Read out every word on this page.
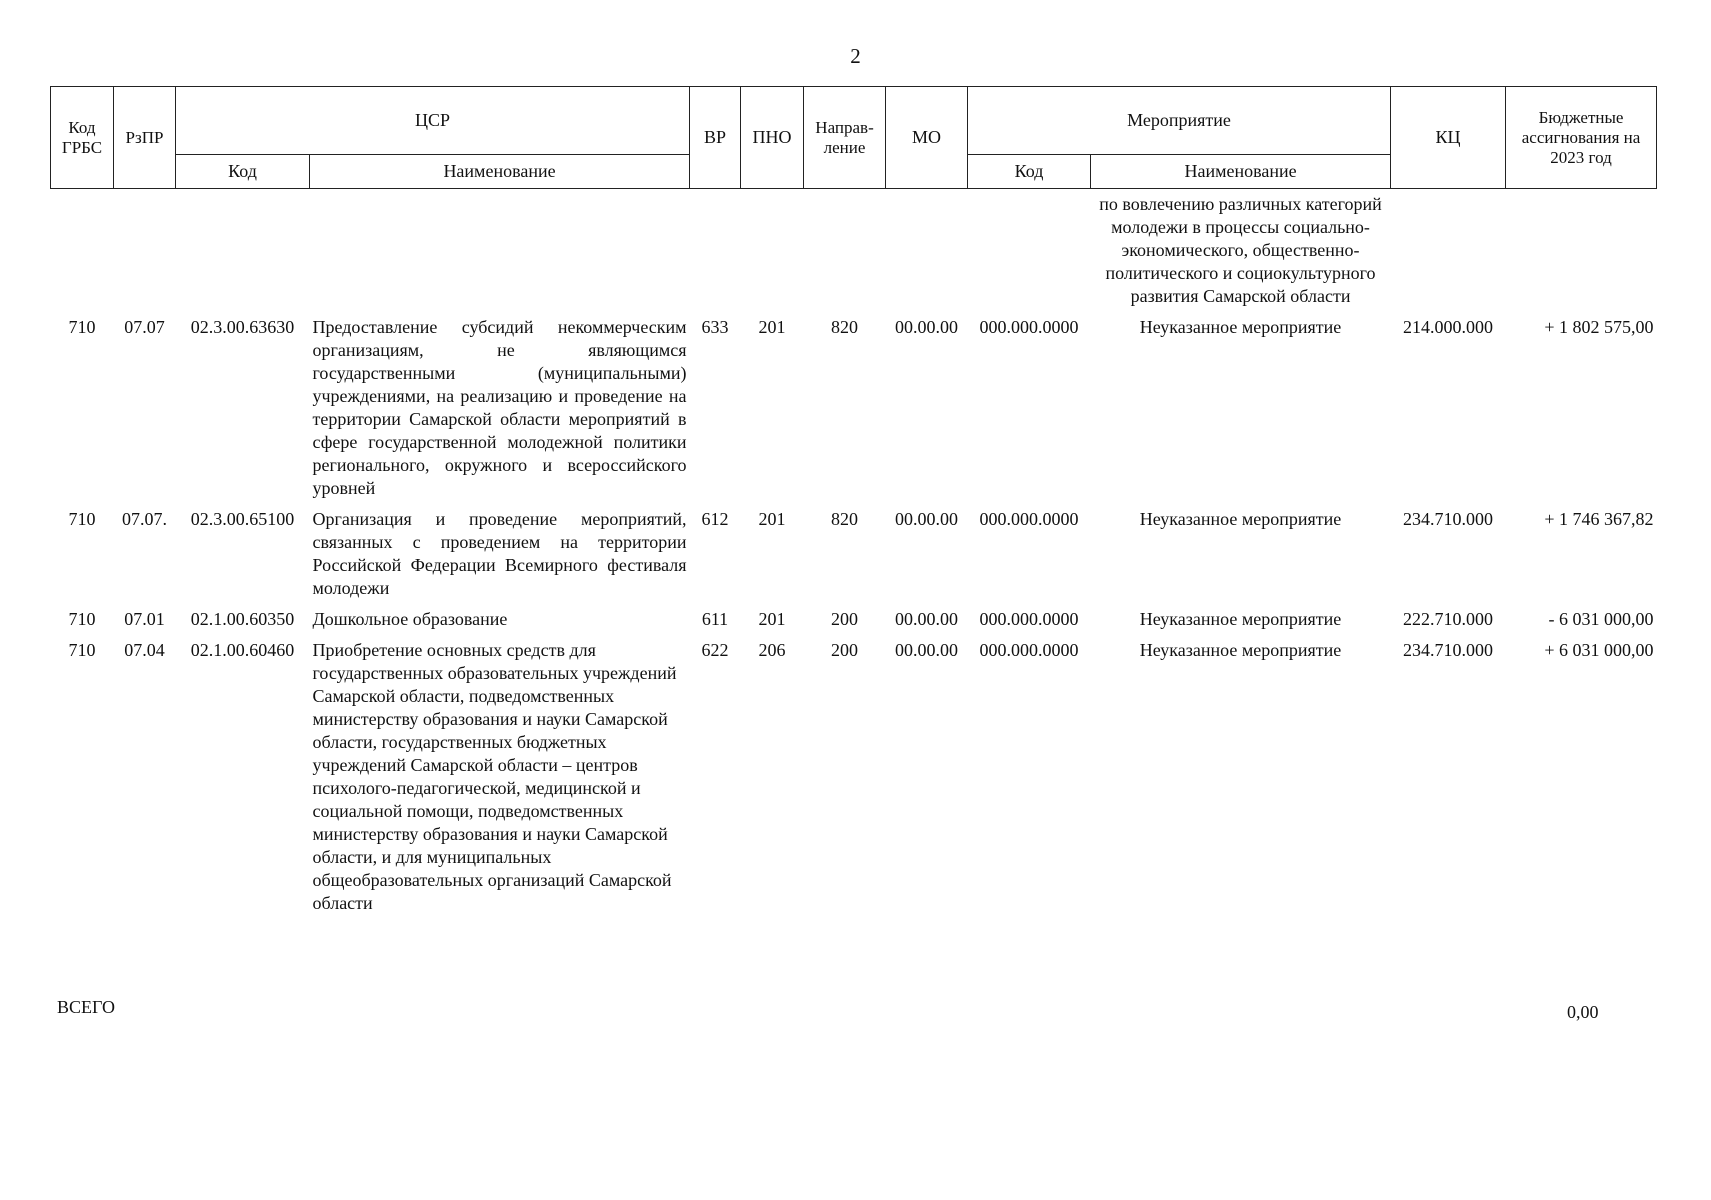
2
Код ГРБС	РзПР	ЦСР		ВР	ПНО	Направ-ление	МО	Мероприятие		КЦ	Бюджетные ассигнования на 2023 год
		Код	Наименование					Код	Наименование		
									по вовлечению различных категорий молодежи в процессы социально-экономического, общественно-политического и социокультурного развития Самарской области		
710	07.07	02.3.00.63630	Предоставление субсидий некоммерческим организациям, не являющимся государственными (муниципальными) учреждениями, на реализацию и проведение на территории Самарской области мероприятий в сфере государственной молодежной политики регионального, окружного и всероссийского уровней	633	201	820	00.00.00	000.000.0000	Неуказанное мероприятие	214.000.000	+ 1 802 575,00
710	07.07.	02.3.00.65100	Организация и проведение мероприятий, связанных с проведением на территории Российской Федерации Всемирного фестиваля молодежи	612	201	820	00.00.00	000.000.0000	Неуказанное мероприятие	234.710.000	+ 1 746 367,82
710	07.01	02.1.00.60350	Дошкольное образование	611	201	200	00.00.00	000.000.0000	Неуказанное мероприятие	222.710.000	- 6 031 000,00
710	07.04	02.1.00.60460	Приобретение основных средств для государственных образовательных учреждений Самарской области, подведомственных министерству образования и науки Самарской области, государственных бюджетных учреждений Самарской области – центров психолого-педагогической, медицинской и социальной помощи, подведомственных министерству образования и науки Самарской области, и для муниципальных общеобразовательных организаций Самарской области	622	206	200	00.00.00	000.000.0000	Неуказанное мероприятие	234.710.000	+ 6 031 000,00
ВСЕГО	0,00
